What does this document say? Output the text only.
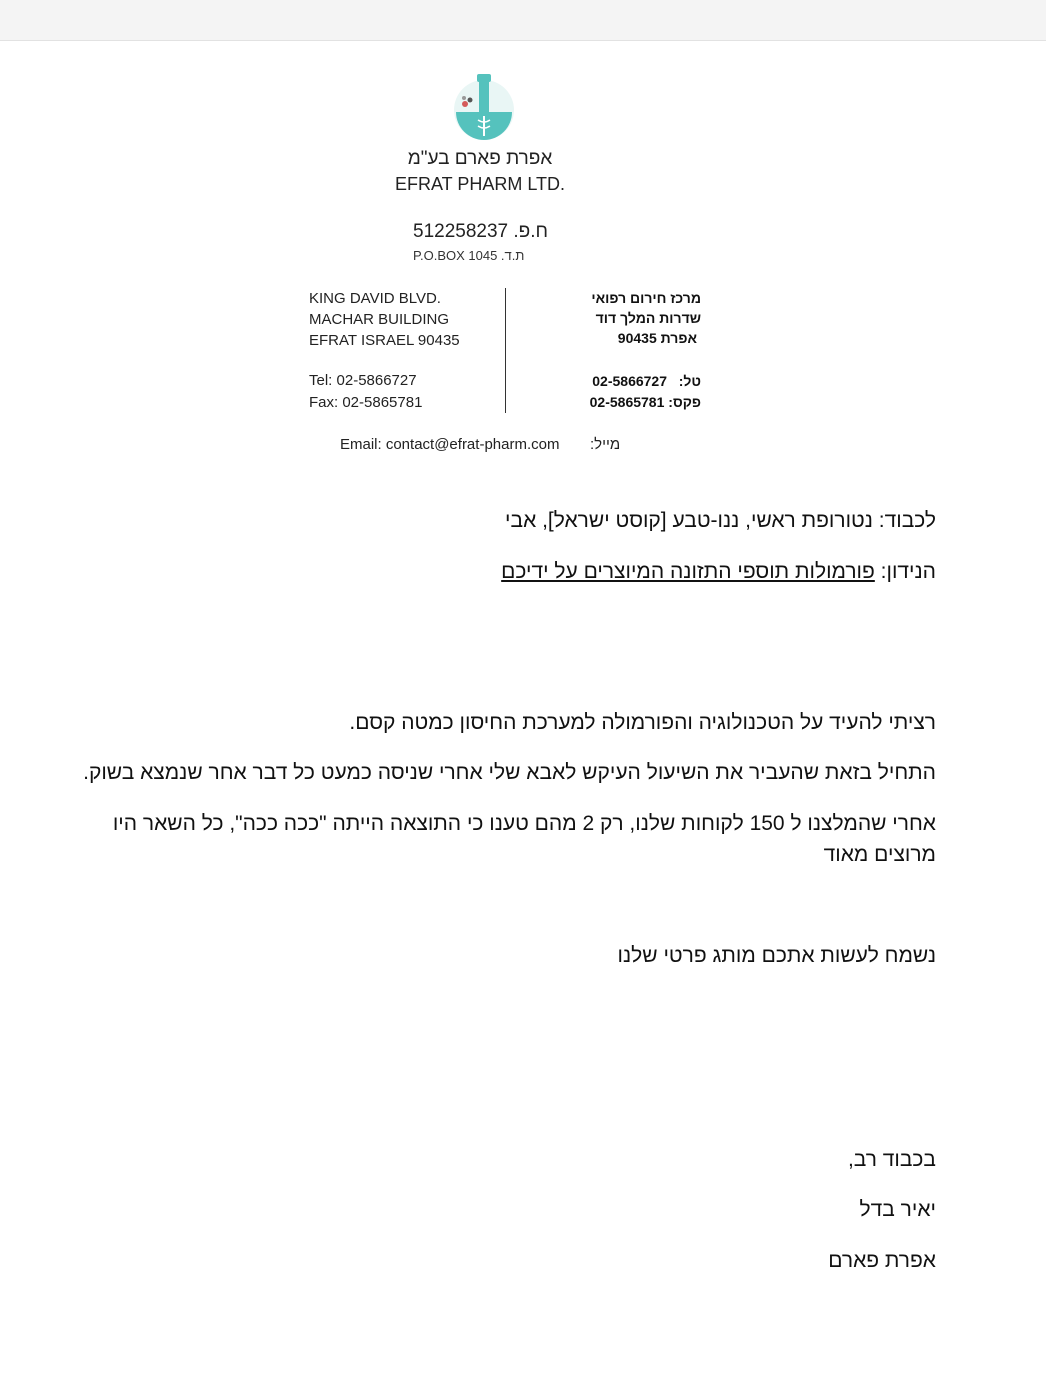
אפרת פארם בע"מ
EFRAT PHARM LTD.
512258237 .ח.פ
P.O.BOX 1045 .ת.ד
KING DAVID BLVD.
MACHAR BUILDING
EFRAT ISRAEL 90435
Tel: 02-5866727
Fax: 02-5865781
מרכז חירום רפואי
שדרות המלך דוד
אפרת 90435
טל:   02-5866727
פקס: 02-5865781
Email: contact@efrat-pharm.com מייל:
לכבוד: נטורופת ראשי, ננו-טבע [קוסט ישראל], אבי
הנידון: פורמולות תוספי התזונה המיוצרים על ידיכם
רציתי להעיד על הטכנולוגיה והפורמולה למערכת החיסון כמטה קסם.
התחיל בזאת שהעביר את השיעול העיקש לאבא שלי אחרי שניסה כמעט כל דבר אחר שנמצא בשוק.
אחרי שהמלצנו ל 150 לקוחות שלנו, רק 2 מהם טענו כי התוצאה הייתה "ככה ככה", כל השאר היו
מרוצים מאוד
נשמח לעשות אתכם מותג פרטי שלנו
בכבוד רב,
יאיר בדל
אפרת פארם
